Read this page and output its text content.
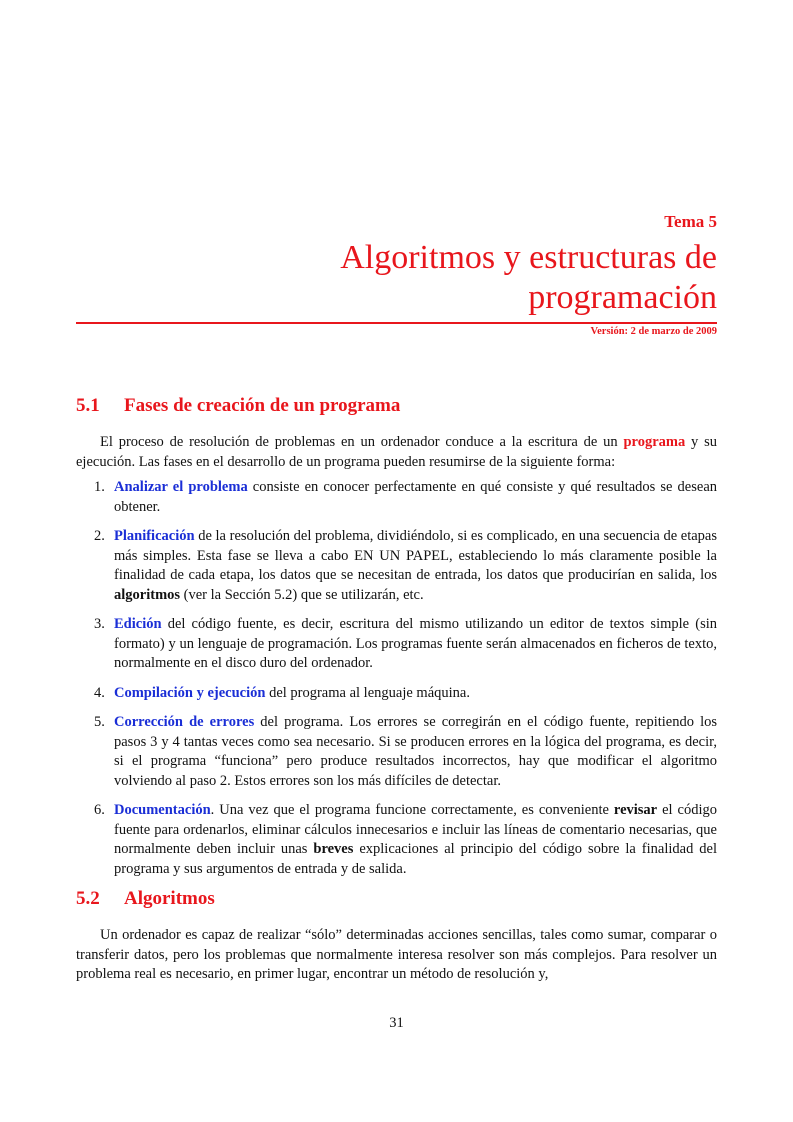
Tema 5
Algoritmos y estructuras de programación
Versión: 2 de marzo de 2009
5.1 Fases de creación de un programa

El proceso de resolución de problemas en un ordenador conduce a la escritura de un programa y su ejecución. Las fases en el desarrollo de un programa pueden resumirse de la siguiente forma:

1. Analizar el problema consiste en conocer perfectamente en qué consiste y qué resultados se desean obtener.
2. Planificación de la resolución del problema, dividiéndolo, si es complicado, en una secuencia de etapas más simples. Esta fase se lleva a cabo EN UN PAPEL, estableciendo lo más claramente posible la finalidad de cada etapa, los datos que se necesitan de entrada, los datos que producirían en salida, los algoritmos (ver la Sección 5.2) que se utilizarán, etc.
3. Edición del código fuente, es decir, escritura del mismo utilizando un editor de textos simple (sin formato) y un lenguaje de programación. Los programas fuente serán almacenados en ficheros de texto, normalmente en el disco duro del ordenador.
4. Compilación y ejecución del programa al lenguaje máquina.
5. Corrección de errores del programa. Los errores se corregirán en el código fuente, repitiendo los pasos 3 y 4 tantas veces como sea necesario. Si se producen errores en la lógica del programa, es decir, si el programa “funciona” pero produce resultados incorrectos, hay que modificar el algoritmo volviendo al paso 2. Estos errores son los más difíciles de detectar.
6. Documentación. Una vez que el programa funcione correctamente, es conveniente revisar el código fuente para ordenarlos, eliminar cálculos innecesarios e incluir las líneas de comentario necesarias, que normalmente deben incluir unas breves explicaciones al principio del código sobre la finalidad del programa y sus argumentos de entrada y de salida.
5.2 Algoritmos

Un ordenador es capaz de realizar “sólo” determinadas acciones sencillas, tales como sumar, comparar o transferir datos, pero los problemas que normalmente interesa resolver son más complejos. Para resolver un problema real es necesario, en primer lugar, encontrar un método de resolución y,

31
